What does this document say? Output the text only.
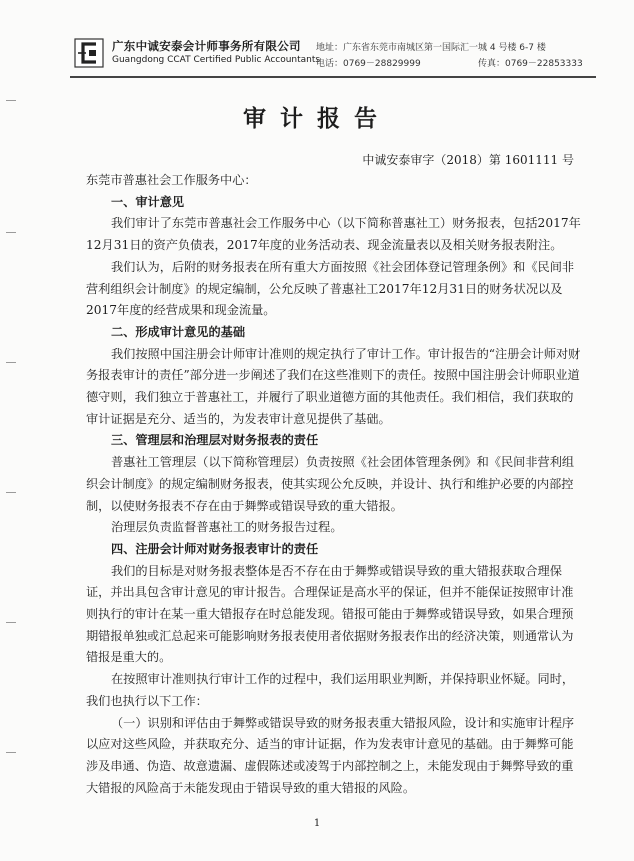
广东中诚安泰会计师事务所有限公司
Guangdong CCAT Certified Public Accountants
地址：广东省东莞市南城区第一国际汇一城 4 号楼 6-7 楼
电话：0769－28829999	传真：0769－22853333
审计报告
中诚安泰审字（2018）第 1601111 号

东莞市普惠社会工作服务中心：

一、审计意见

我们审计了东莞市普惠社会工作服务中心（以下简称普惠社工）财务报表，包括2017年12月31日的资产负债表，2017年度的业务活动表、现金流量表以及相关财务报表附注。

我们认为，后附的财务报表在所有重大方面按照《社会团体登记管理条例》和《民间非营利组织会计制度》的规定编制，公允反映了普惠社工2017年12月31日的财务状况以及2017年度的经营成果和现金流量。

二、形成审计意见的基础

我们按照中国注册会计师审计准则的规定执行了审计工作。审计报告的“注册会计师对财务报表审计的责任”部分进一步阐述了我们在这些准则下的责任。按照中国注册会计师职业道德守则，我们独立于普惠社工，并履行了职业道德方面的其他责任。我们相信，我们获取的审计证据是充分、适当的，为发表审计意见提供了基础。

三、管理层和治理层对财务报表的责任

普惠社工管理层（以下简称管理层）负责按照《社会团体管理条例》和《民间非营利组织会计制度》的规定编制财务报表，使其实现公允反映，并设计、执行和维护必要的内部控制，以使财务报表不存在由于舞弊或错误导致的重大错报。

治理层负责监督普惠社工的财务报告过程。

四、注册会计师对财务报表审计的责任

我们的目标是对财务报表整体是否不存在由于舞弊或错误导致的重大错报获取合理保证，并出具包含审计意见的审计报告。合理保证是高水平的保证，但并不能保证按照审计准则执行的审计在某一重大错报存在时总能发现。错报可能由于舞弊或错误导致，如果合理预期错报单独或汇总起来可能影响财务报表使用者依据财务报表作出的经济决策，则通常认为错报是重大的。

在按照审计准则执行审计工作的过程中，我们运用职业判断，并保持职业怀疑。同时，我们也执行以下工作：

（一）识别和评估由于舞弊或错误导致的财务报表重大错报风险，设计和实施审计程序以应对这些风险，并获取充分、适当的审计证据，作为发表审计意见的基础。由于舞弊可能涉及串通、伪造、故意遗漏、虚假陈述或凌驾于内部控制之上，未能发现由于舞弊导致的重大错报的风险高于未能发现由于错误导致的重大错报的风险。

1
